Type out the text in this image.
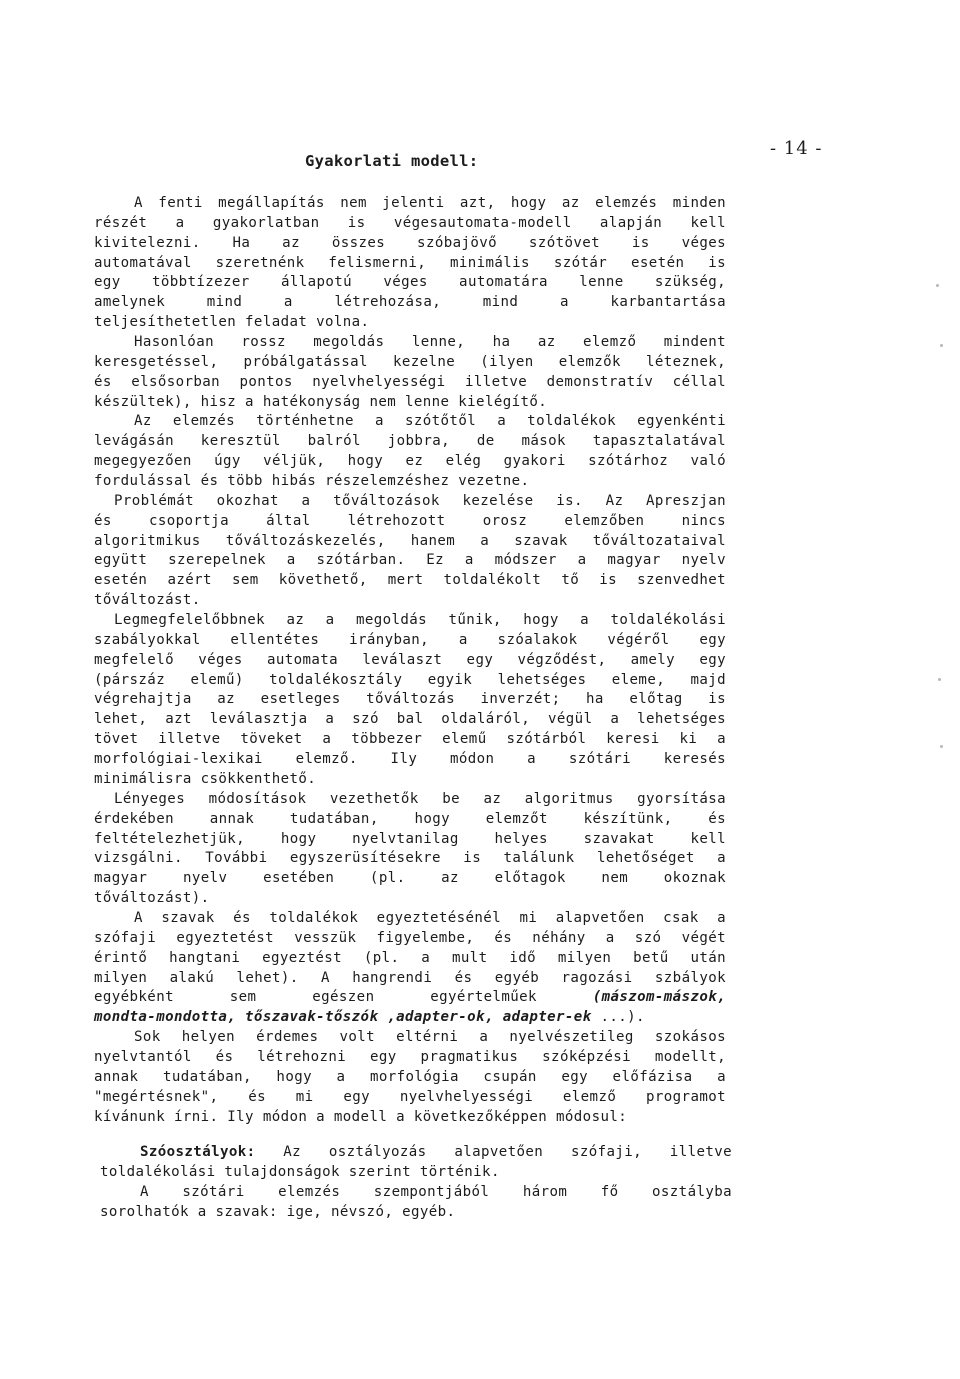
- 14 -
Gyakorlati modell:
A fenti megállapítás nem jelenti azt, hogy az elemzés minden
részét a gyakorlatban is végesautomata-modell alapján kell
kivitelezni. Ha az összes szóbajövő szótövet is véges
automatával szeretnénk felismerni, minimális szótár esetén is
egy többtízezer állapotú véges automatára lenne szükség,
amelynek mind a létrehozása, mind a karbantartása
teljesíthetetlen feladat volna.
Hasonlóan rossz megoldás lenne, ha az elemző mindent
keresgetéssel, próbálgatással kezelne (ilyen elemzők léteznek,
és elsősorban pontos nyelvhelyességi illetve demonstratív céllal
készültek), hisz a hatékonyság nem lenne kielégítő.
Az elemzés történhetne a szótőtől a toldalékok egyenkénti
levágásán keresztül balról jobbra, de mások tapasztalatával
megegyezően úgy véljük, hogy ez elég gyakori szótárhoz való
fordulással és több hibás részelemzéshez vezetne.
Problémát okozhat a tőváltozások kezelése is. Az Apreszjan
és csoportja által létrehozott orosz elemzőben nincs
algoritmikus tőváltozáskezelés, hanem a szavak tőváltozataival
együtt szerepelnek a szótárban. Ez a módszer a magyar nyelv
esetén azért sem követhető, mert toldalékolt tő is szenvedhet
tőváltozást.
Legmegfelelőbbnek az a megoldás tűnik, hogy a toldalékolási
szabályokkal ellentétes irányban, a szóalakok végéről egy
megfelelő véges automata leválaszt egy végződést, amely egy
(párszáz elemű) toldalékosztály egyik lehetséges eleme, majd
végrehajtja az esetleges tőváltozás inverzét; ha előtag is
lehet, azt leválasztja a szó bal oldaláról, végül a lehetséges
tövet illetve töveket a többezer elemű szótárból keresi ki a
morfológiai-lexikai elemző. Ily módon a szótári keresés
minimálisra csökkenthető.
Lényeges módosítások vezethetők be az algoritmus gyorsítása
érdekében annak tudatában, hogy elemzőt készítünk, és
feltételezhetjük, hogy nyelvtanilag helyes szavakat kell
vizsgálni. További egyszerüsítésekre is találunk lehetőséget a
magyar nyelv esetében (pl. az előtagok nem okoznak
tőváltozást).
A szavak és toldalékok egyeztetésénél mi alapvetően csak a
szófaji egyeztetést vesszük figyelembe, és néhány a szó végét
érintő hangtani egyeztést (pl. a mult idő milyen betű után
milyen alakú lehet). A hangrendi és egyéb ragozási szbályok
egyébként sem egészen egyértelműek (mászom-mászok,
mondta-mondotta, tőszavak-tőszók ,adapter-ok, adapter-ek ...).
Sok helyen érdemes volt eltérni a nyelvészetileg szokásos
nyelvtantól és létrehozni egy pragmatikus szóképzési modellt,
annak tudatában, hogy a morfológia csupán egy előfázisa a
"megértésnek", és mi egy nyelvhelyességi elemző programot
kívánunk írni. Ily módon a modell a következőképpen módosul:
Szóosztályok: Az osztályozás alapvetően szófaji, illetve
toldalékolási tulajdonságok szerint történik.
A szótári elemzés szempontjából három fő osztályba
sorolhatók a szavak: ige, névszó, egyéb.
